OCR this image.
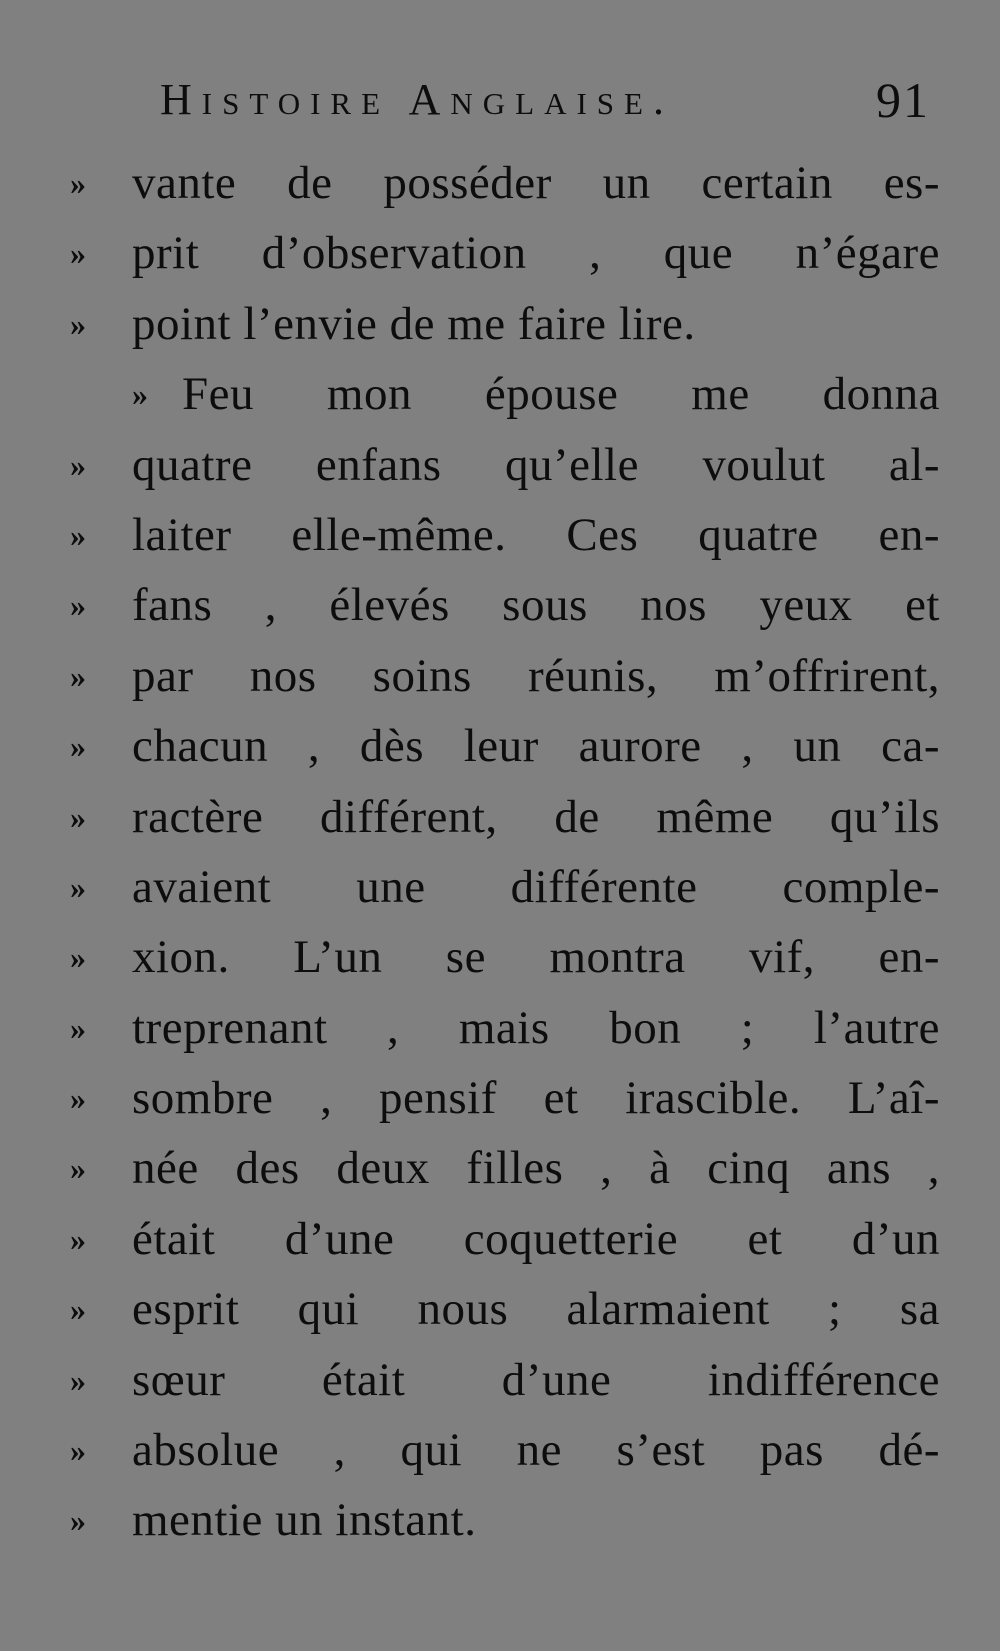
Histoire Anglaise.	91
» vante de posséder un certain es-
» prit d’observation , que n’égare
» point l’envie de me faire lire.
» Feu mon épouse me donna
» quatre enfans qu’elle voulut al-
» laiter elle-même. Ces quatre en-
» fans , élevés sous nos yeux et
» par nos soins réunis, m’offrirent,
» chacun , dès leur aurore , un ca-
» ractère différent, de même qu’ils
» avaient une différente comple-
» xion. L’un se montra vif, en-
» treprenant , mais bon ; l’autre
» sombre , pensif et irascible. L’aî-
» née des deux filles , à cinq ans ,
» était d’une coquetterie et d’un
» esprit qui nous alarmaient ; sa
» sœur était d’une indifférence
» absolue , qui ne s’est pas dé-
» mentie un instant.
